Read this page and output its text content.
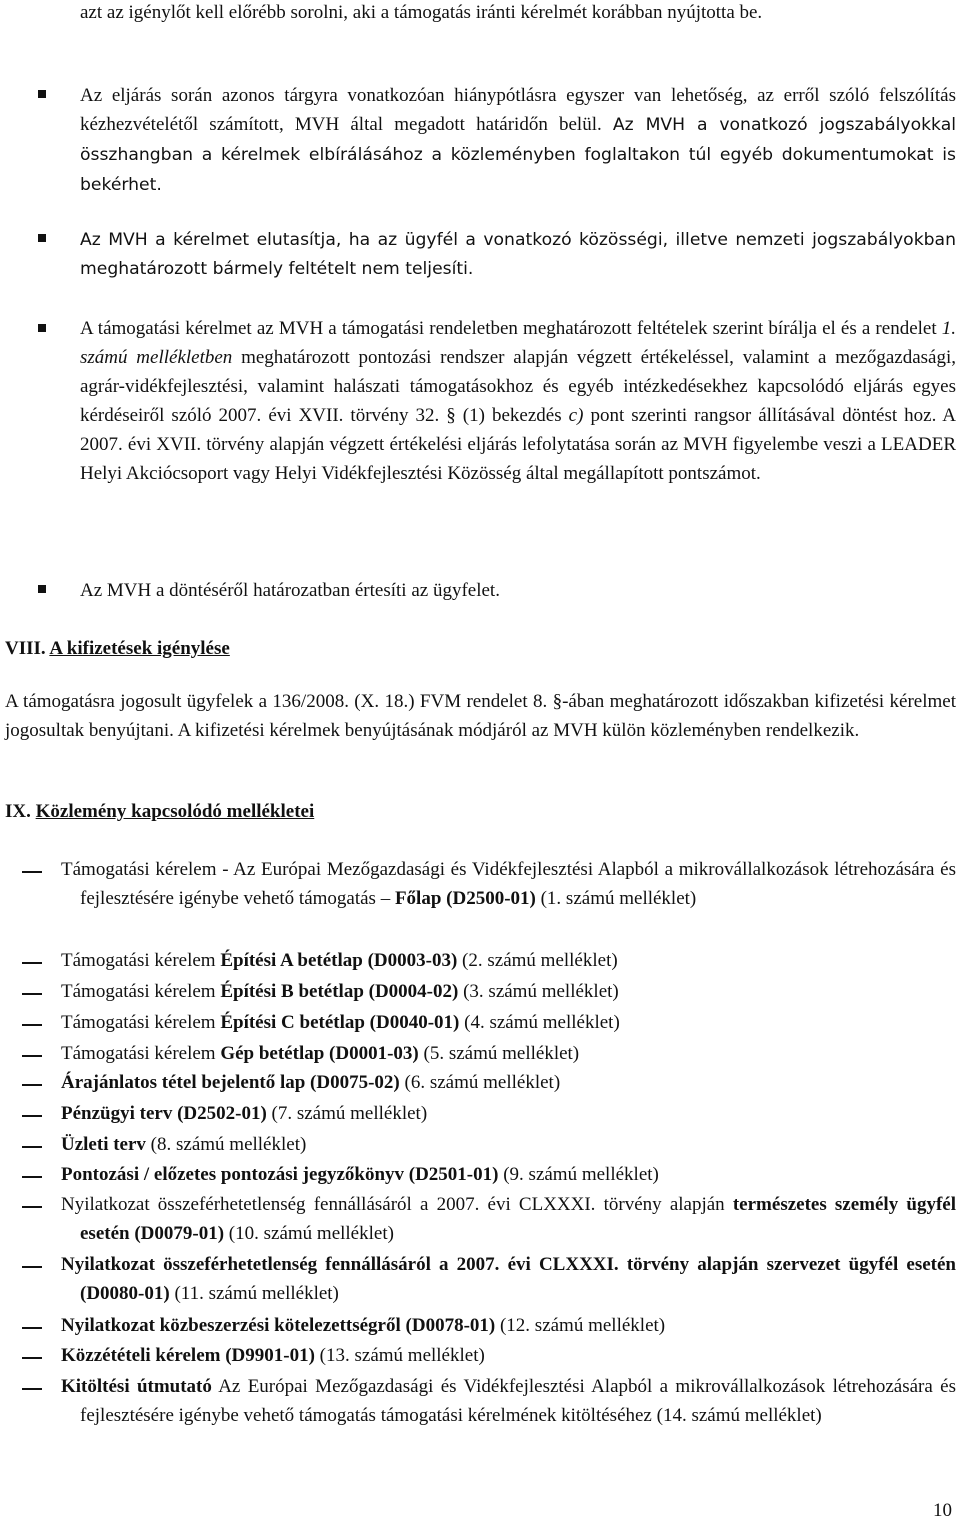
azt az igénylőt kell előrébb sorolni, aki a támogatás iránti kérelmét korábban nyújtotta be.

Az eljárás során azonos tárgyra vonatkozóan hiánypótlásra egyszer van lehetőség, az erről szóló felszólítás kézhezvételétől számított, MVH által megadott határidőn belül. Az MVH a vonatkozó jogszabályokkal összhangban a kérelmek elbírálásához a közleményben foglaltakon túl egyéb dokumentumokat is bekérhet.

Az MVH a kérelmet elutasítja, ha az ügyfél a vonatkozó közösségi, illetve nemzeti jogszabályokban meghatározott bármely feltételt nem teljesíti.

A támogatási kérelmet az MVH a támogatási rendeletben meghatározott feltételek szerint bírálja el és a rendelet 1. számú mellékletben meghatározott pontozási rendszer alapján végzett értékeléssel, valamint a mezőgazdasági, agrár-vidékfejlesztési, valamint halászati támogatásokhoz és egyéb intézkedésekhez kapcsolódó eljárás egyes kérdéseiről szóló 2007. évi XVII. törvény 32. § (1) bekezdés c) pont szerinti rangsor állításával döntést hoz. A 2007. évi XVII. törvény alapján végzett értékelési eljárás lefolytatása során az MVH figyelembe veszi a LEADER Helyi Akciócsoport vagy Helyi Vidékfejlesztési Közösség által megállapított pontszámot.

Az MVH a döntéséről határozatban értesíti az ügyfelet.

VIII. A kifizetések igénylése

A támogatásra jogosult ügyfelek a 136/2008. (X. 18.) FVM rendelet 8. §-ában meghatározott időszakban kifizetési kérelmet jogosultak benyújtani. A kifizetési kérelmek benyújtásának módjáról az MVH külön közleményben rendelkezik.

IX. Közlemény kapcsolódó mellékletei

Támogatási kérelem - Az Európai Mezőgazdasági és Vidékfejlesztési Alapból a mikrovállalkozások létrehozására és fejlesztésére igénybe vehető támogatás – Főlap (D2500-01) (1. számú melléklet)

Támogatási kérelem Építési A betétlap (D0003-03) (2. számú melléklet)

Támogatási kérelem Építési B betétlap (D0004-02) (3. számú melléklet)

Támogatási kérelem Építési C betétlap (D0040-01) (4. számú melléklet)

Támogatási kérelem Gép betétlap (D0001-03) (5. számú melléklet)

Árajánlatos tétel bejelentő lap (D0075-02) (6. számú melléklet)

Pénzügyi terv (D2502-01) (7. számú melléklet)

Üzleti terv (8. számú melléklet)

Pontozási / előzetes pontozási jegyzőkönyv (D2501-01) (9. számú melléklet)

Nyilatkozat összeférhetetlenség fennállásáról a 2007. évi CLXXXI. törvény alapján természetes személy ügyfél esetén (D0079-01) (10. számú melléklet)

Nyilatkozat összeférhetetlenség fennállásáról a 2007. évi CLXXXI. törvény alapján szervezet ügyfél esetén (D0080-01) (11. számú melléklet)

Nyilatkozat közbeszerzési kötelezettségről (D0078-01) (12. számú melléklet)

Közzétételi kérelem (D9901-01) (13. számú melléklet)

Kitöltési útmutató Az Európai Mezőgazdasági és Vidékfejlesztési Alapból a mikrovállalkozások létrehozására és fejlesztésére igénybe vehető támogatás támogatási kérelmének kitöltéséhez (14. számú melléklet)

10
